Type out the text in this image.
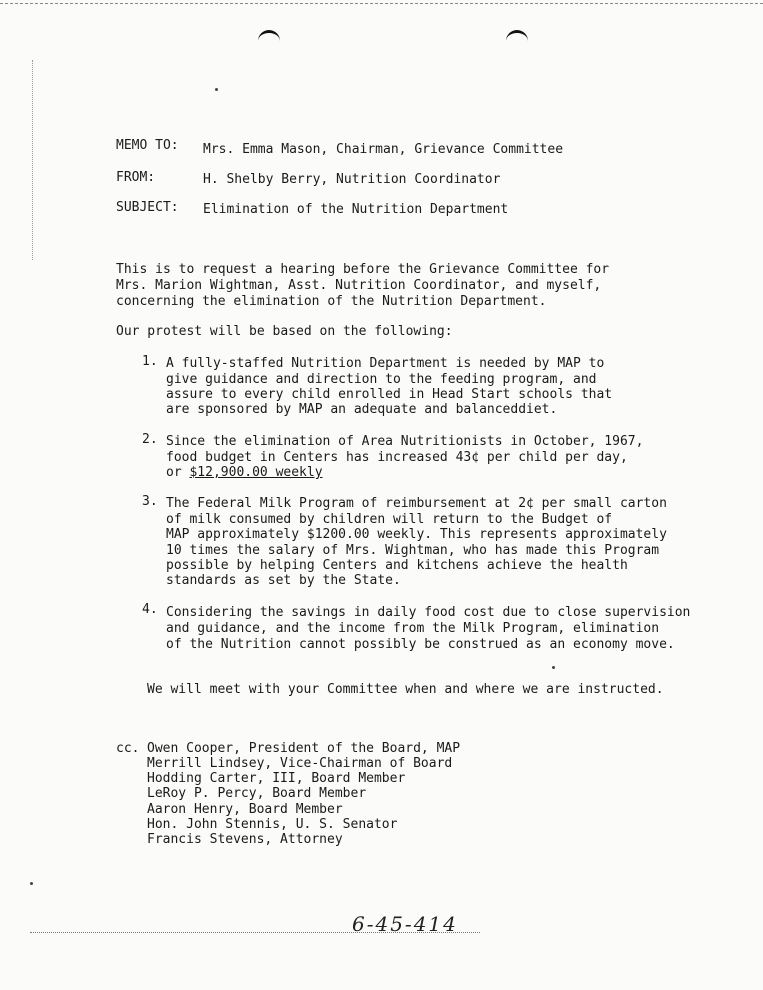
MEMO TO: Mrs. Emma Mason, Chairman, Grievance Committee
FROM:	H. Shelby Berry, Nutrition Coordinator
SUBJECT: Elimination of the Nutrition Department
This is to request a hearing before the Grievance Committee for
Mrs. Marion Wightman, Asst. Nutrition Coordinator, and myself,
concerning the elimination of the Nutrition Department.
Our protest will be based on the following:
1. A fully-staffed Nutrition Department is needed by MAP to
give guidance and direction to the feeding program, and
assure to every child enrolled in Head Start schools that
are sponsored by MAP an adequate and balanceddiet.
2. Since the elimination of Area Nutritionists in October, 1967,
food budget in Centers has increased 43¢ per child per day,
or $12,900.00 weekly
3. The Federal Milk Program of reimbursement at 2¢ per small carton
of milk consumed by children will return to the Budget of
MAP approximately $1200.00 weekly. This represents approximately
10 times the salary of Mrs. Wightman, who has made this Program
possible by helping Centers and kitchens achieve the health
standards as set by the State.
4. Considering the savings in daily food cost due to close supervision
and guidance, and the income from the Milk Program, elimination
of the Nutrition cannot possibly be construed as an economy move.
We will meet with your Committee when and where we are instructed.
cc. Owen Cooper, President of the Board, MAP
Merrill Lindsey, Vice-Chairman of Board
Hodding Carter, III, Board Member
LeRoy P. Percy, Board Member
Aaron Henry, Board Member
Hon. John Stennis, U. S. Senator
Francis Stevens, Attorney
6-45-414
